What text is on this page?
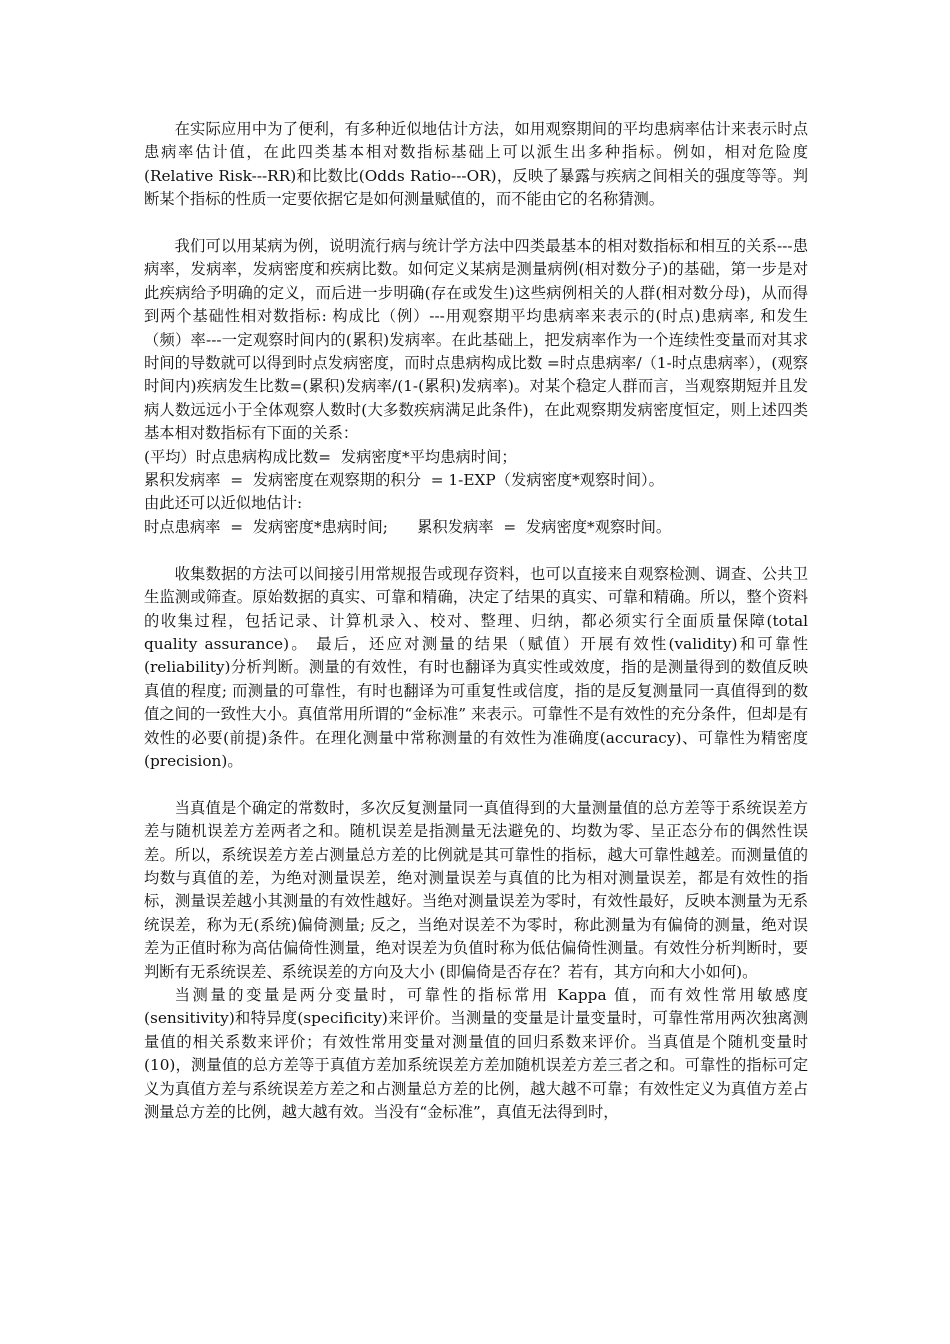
在实际应用中为了便利，有多种近似地估计方法，如用观察期间的平均患病率估计来表示时点患病率估计值，在此四类基本相对数指标基础上可以派生出多种指标。例如，相对危险度(Relative Risk---RR)和比数比(Odds Ratio---OR)，反映了暴露与疾病之间相关的强度等等。判断某个指标的性质一定要依据它是如何测量赋值的，而不能由它的名称猜测。

我们可以用某病为例，说明流行病与统计学方法中四类最基本的相对数指标和相互的关系---患病率，发病率，发病密度和疾病比数。如何定义某病是测量病例(相对数分子)的基础，第一步是对此疾病给予明确的定义，而后进一步明确(存在或发生)这些病例相关的人群(相对数分母)，从而得到两个基础性相对数指标: 构成比（例）---用观察期平均患病率来表示的(时点)患病率, 和发生（频）率---一定观察时间内的(累积)发病率。在此基础上，把发病率作为一个连续性变量而对其求时间的导数就可以得到时点发病密度，而时点患病构成比数 =时点患病率/（1-时点患病率），(观察时间内)疾病发生比数=(累积)发病率/(1-(累积)发病率)。对某个稳定人群而言，当观察期短并且发病人数远远小于全体观察人数时(大多数疾病满足此条件)，在此观察期发病密度恒定，则上述四类基本相对数指标有下面的关系：

(平均）时点患病构成比数=  发病密度*平均患病时间；

累积发病率  =  发病密度在观察期的积分  = 1-EXP（发病密度*观察时间）。

由此还可以近似地估计:

时点患病率  =  发病密度*患病时间;      累积发病率  =  发病密度*观察时间。

收集数据的方法可以间接引用常规报告或现存资料，也可以直接来自观察检测、调查、公共卫生监测或筛查。原始数据的真实、可靠和精确，决定了结果的真实、可靠和精确。所以，整个资料的收集过程，包括记录、计算机录入、校对、整理、归纳，都必须实行全面质量保障(total quality assurance)。 最后，还应对测量的结果（赋值）开展有效性(validity)和可靠性(reliability)分析判断。测量的有效性，有时也翻译为真实性或效度，指的是测量得到的数值反映真值的程度; 而测量的可靠性，有时也翻译为可重复性或信度，指的是反复测量同一真值得到的数值之间的一致性大小。真值常用所谓的“金标准” 来表示。可靠性不是有效性的充分条件，但却是有效性的必要(前提)条件。在理化测量中常称测量的有效性为准确度(accuracy)、可靠性为精密度(precision)。

当真值是个确定的常数时，多次反复测量同一真值得到的大量测量值的总方差等于系统误差方差与随机误差方差两者之和。随机误差是指测量无法避免的、均数为零、呈正态分布的偶然性误差。所以，系统误差方差占测量总方差的比例就是其可靠性的指标，越大可靠性越差。而测量值的均数与真值的差，为绝对测量误差，绝对测量误差与真值的比为相对测量误差，都是有效性的指标，测量误差越小其测量的有效性越好。当绝对测量误差为零时，有效性最好，反映本测量为无系统误差，称为无(系统)偏倚测量; 反之，当绝对误差不为零时，称此测量为有偏倚的测量，绝对误差为正值时称为高估偏倚性测量，绝对误差为负值时称为低估偏倚性测量。有效性分析判断时，要判断有无系统误差、系统误差的方向及大小 (即偏倚是否存在？若有，其方向和大小如何)。

当测量的变量是两分变量时，可靠性的指标常用 Kappa 值，而有效性常用敏感度(sensitivity)和特异度(specificity)来评价。当测量的变量是计量变量时，可靠性常用两次独离测量值的相关系数来评价；有效性常用变量对测量值的回归系数来评价。当真值是个随机变量时 (10)，测量值的总方差等于真值方差加系统误差方差加随机误差方差三者之和。可靠性的指标可定义为真值方差与系统误差方差之和占测量总方差的比例，越大越不可靠；有效性定义为真值方差占测量总方差的比例，越大越有效。当没有“金标准”，真值无法得到时，
